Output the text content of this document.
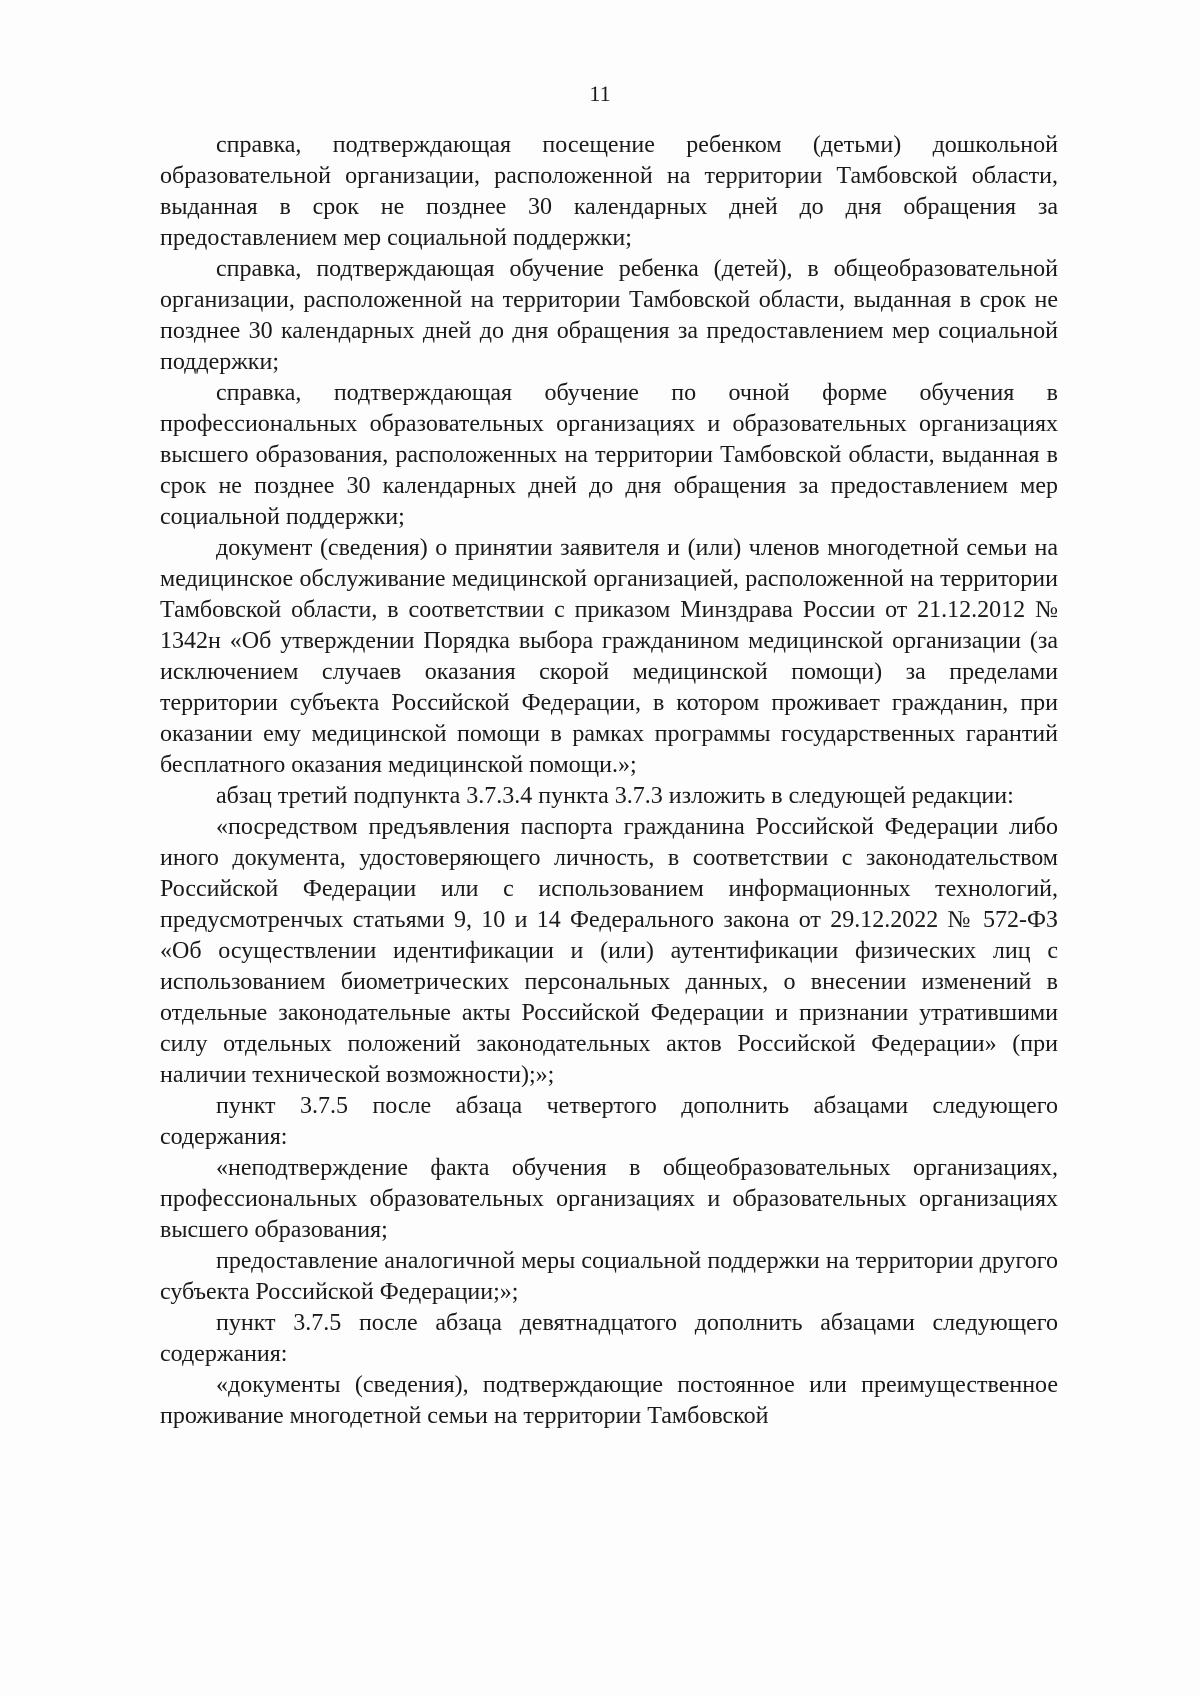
11

справка, подтверждающая посещение ребенком (детьми) дошкольной образовательной организации, расположенной на территории Тамбовской области, выданная в срок не позднее 30 календарных дней до дня обращения за предоставлением мер социальной поддержки;

справка, подтверждающая обучение ребенка (детей), в общеобразовательной организации, расположенной на территории Тамбовской области, выданная в срок не позднее 30 календарных дней до дня обращения за предоставлением мер социальной поддержки;

справка, подтверждающая обучение по очной форме обучения в профессиональных образовательных организациях и образовательных организациях высшего образования, расположенных на территории Тамбовской области, выданная в срок не позднее 30 календарных дней до дня обращения за предоставлением мер социальной поддержки;

документ (сведения) о принятии заявителя и (или) членов многодетной семьи на медицинское обслуживание медицинской организацией, расположенной на территории Тамбовской области, в соответствии с приказом Минздрава России от 21.12.2012 № 1342н «Об утверждении Порядка выбора гражданином медицинской организации (за исключением случаев оказания скорой медицинской помощи) за пределами территории субъекта Российской Федерации, в котором проживает гражданин, при оказании ему медицинской помощи в рамках программы государственных гарантий бесплатного оказания медицинской помощи.»;

абзац третий подпункта 3.7.3.4 пункта 3.7.3 изложить в следующей редакции:

«посредством предъявления паспорта гражданина Российской Федерации либо иного документа, удостоверяющего личность, в соответствии с законодательством Российской Федерации или с использованием информационных технологий, предусмотренчых статьями 9, 10 и 14 Федерального закона от 29.12.2022 № 572-ФЗ «Об осуществлении идентификации и (или) аутентификации физических лиц с использованием биометрических персональных данных, о внесении изменений в отдельные законодательные акты Российской Федерации и признании утратившими силу отдельных положений законодательных актов Российской Федерации» (при наличии технической возможности);»;

пункт 3.7.5 после абзаца четвертого дополнить абзацами следующего содержания:

«неподтверждение факта обучения в общеобразовательных организациях, профессиональных образовательных организациях и образовательных организациях высшего образования;

предоставление аналогичной меры социальной поддержки на территории другого субъекта Российской Федерации;»;

пункт 3.7.5 после абзаца девятнадцатого дополнить абзацами следующего содержания:

«документы (сведения), подтверждающие постоянное или преимущественное проживание многодетной семьи на территории Тамбовской
